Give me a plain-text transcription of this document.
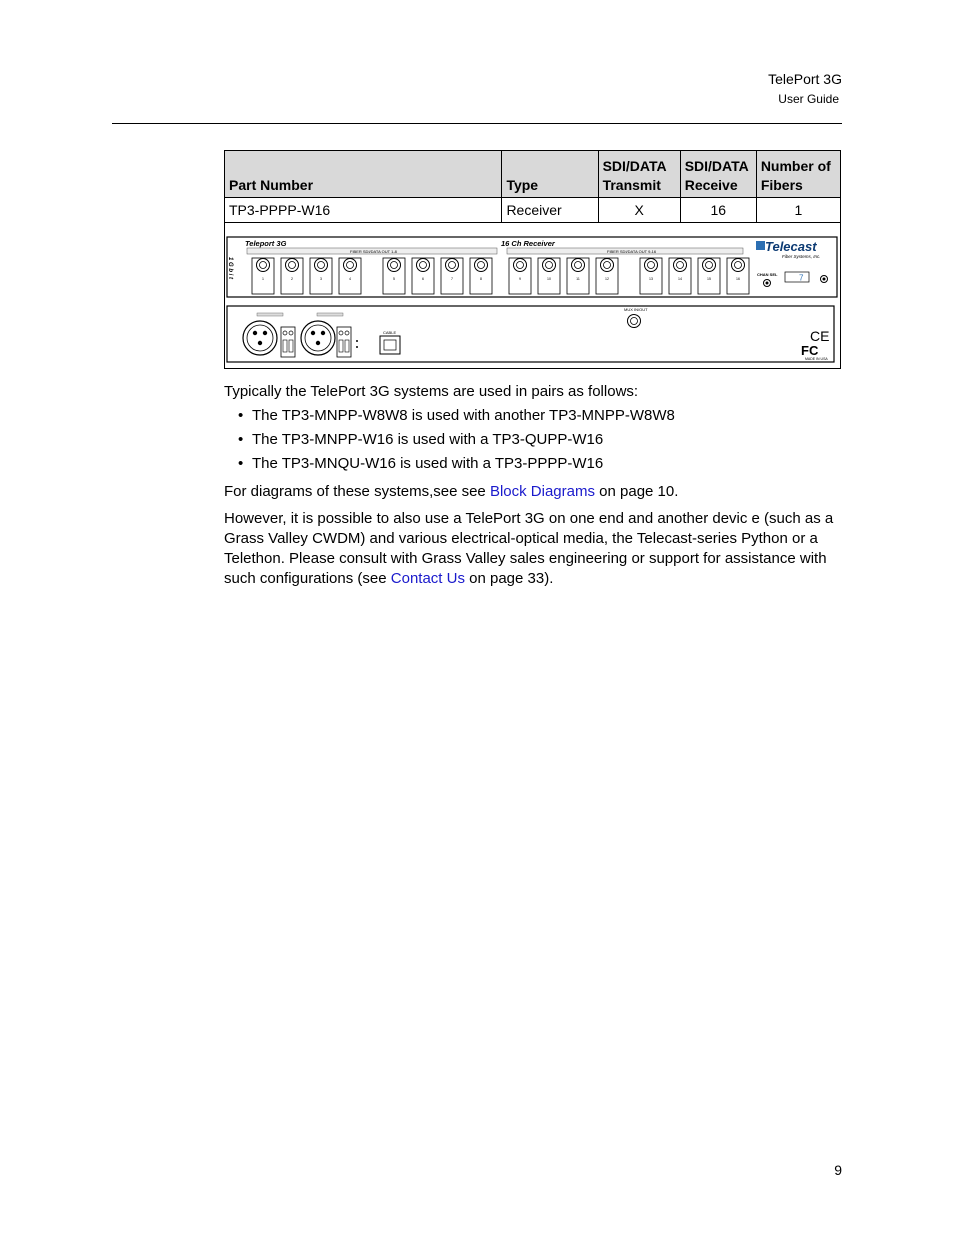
TelePort 3G
User Guide
Part Number	Type	SDI/DATA Transmit	SDI/DATA Receive	Number of Fibers
TP3-PPPP-W16	Receiver	X	16	1
Teleport 3G	16 Ch Receiver
FIBER SDI/DATA OUT 1-8	FIBER SDI/DATA OUT 9-16
1 G b i t	1	2	3	4	5	6	7	8	9	10	11	12	13	14	15	16
Telecast
Fiber Systems, Inc.
CHAN SEL	7
CABLE
MUX IN/OUT
CE
FC
MADE IN USA
Typically the TelePort 3G systems are used in pairs as follows:
• The TP3-MNPP-W8W8 is used with another TP3-MNPP-W8W8
• The TP3-MNPP-W16 is used with a TP3-QUPP-W16
• The TP3-MNQU-W16 is used with a TP3-PPPP-W16
For diagrams of these systems,see see Block Diagrams on page 10.
However, it is possible to also use a TelePort 3G on one end and another devic e (such as a Grass Valley CWDM) and various electrical-optical media, the Telecast-series Python or a Telethon. Please consult with Grass Valley sales engineering or support for assistance with such configurations (see Contact Us on page 33).
9
